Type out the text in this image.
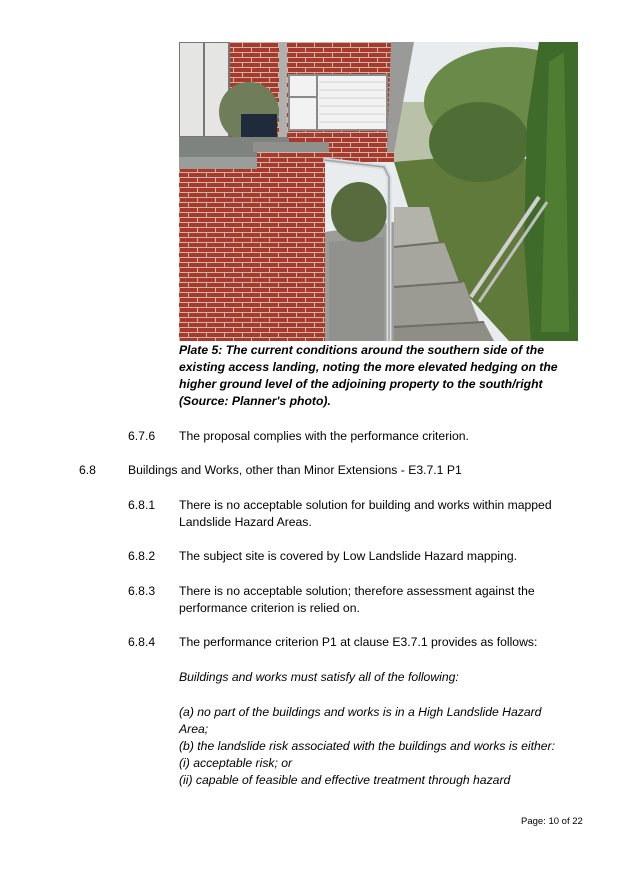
Plate 5: The current conditions around the southern side of the
existing access landing, noting the more elevated hedging on the
higher ground level of the adjoining property to the south/right
(Source: Planner's photo).
6.7.6 The proposal complies with the performance criterion.
6.8	Buildings and Works, other than Minor Extensions - E3.7.1 P1
6.8.1 There is no acceptable solution for building and works within mapped
Landslide Hazard Areas.
6.8.2 The subject site is covered by Low Landslide Hazard mapping.
6.8.3 There is no acceptable solution; therefore assessment against the
performance criterion is relied on.
6.8.4 The performance criterion P1 at clause E3.7.1 provides as follows:
Buildings and works must satisfy all of the following:
(a) no part of the buildings and works is in a High Landslide Hazard
Area;
(b) the landslide risk associated with the buildings and works is either:
(i) acceptable risk; or
(ii) capable of feasible and effective treatment through hazard
Page: 10 of 22
